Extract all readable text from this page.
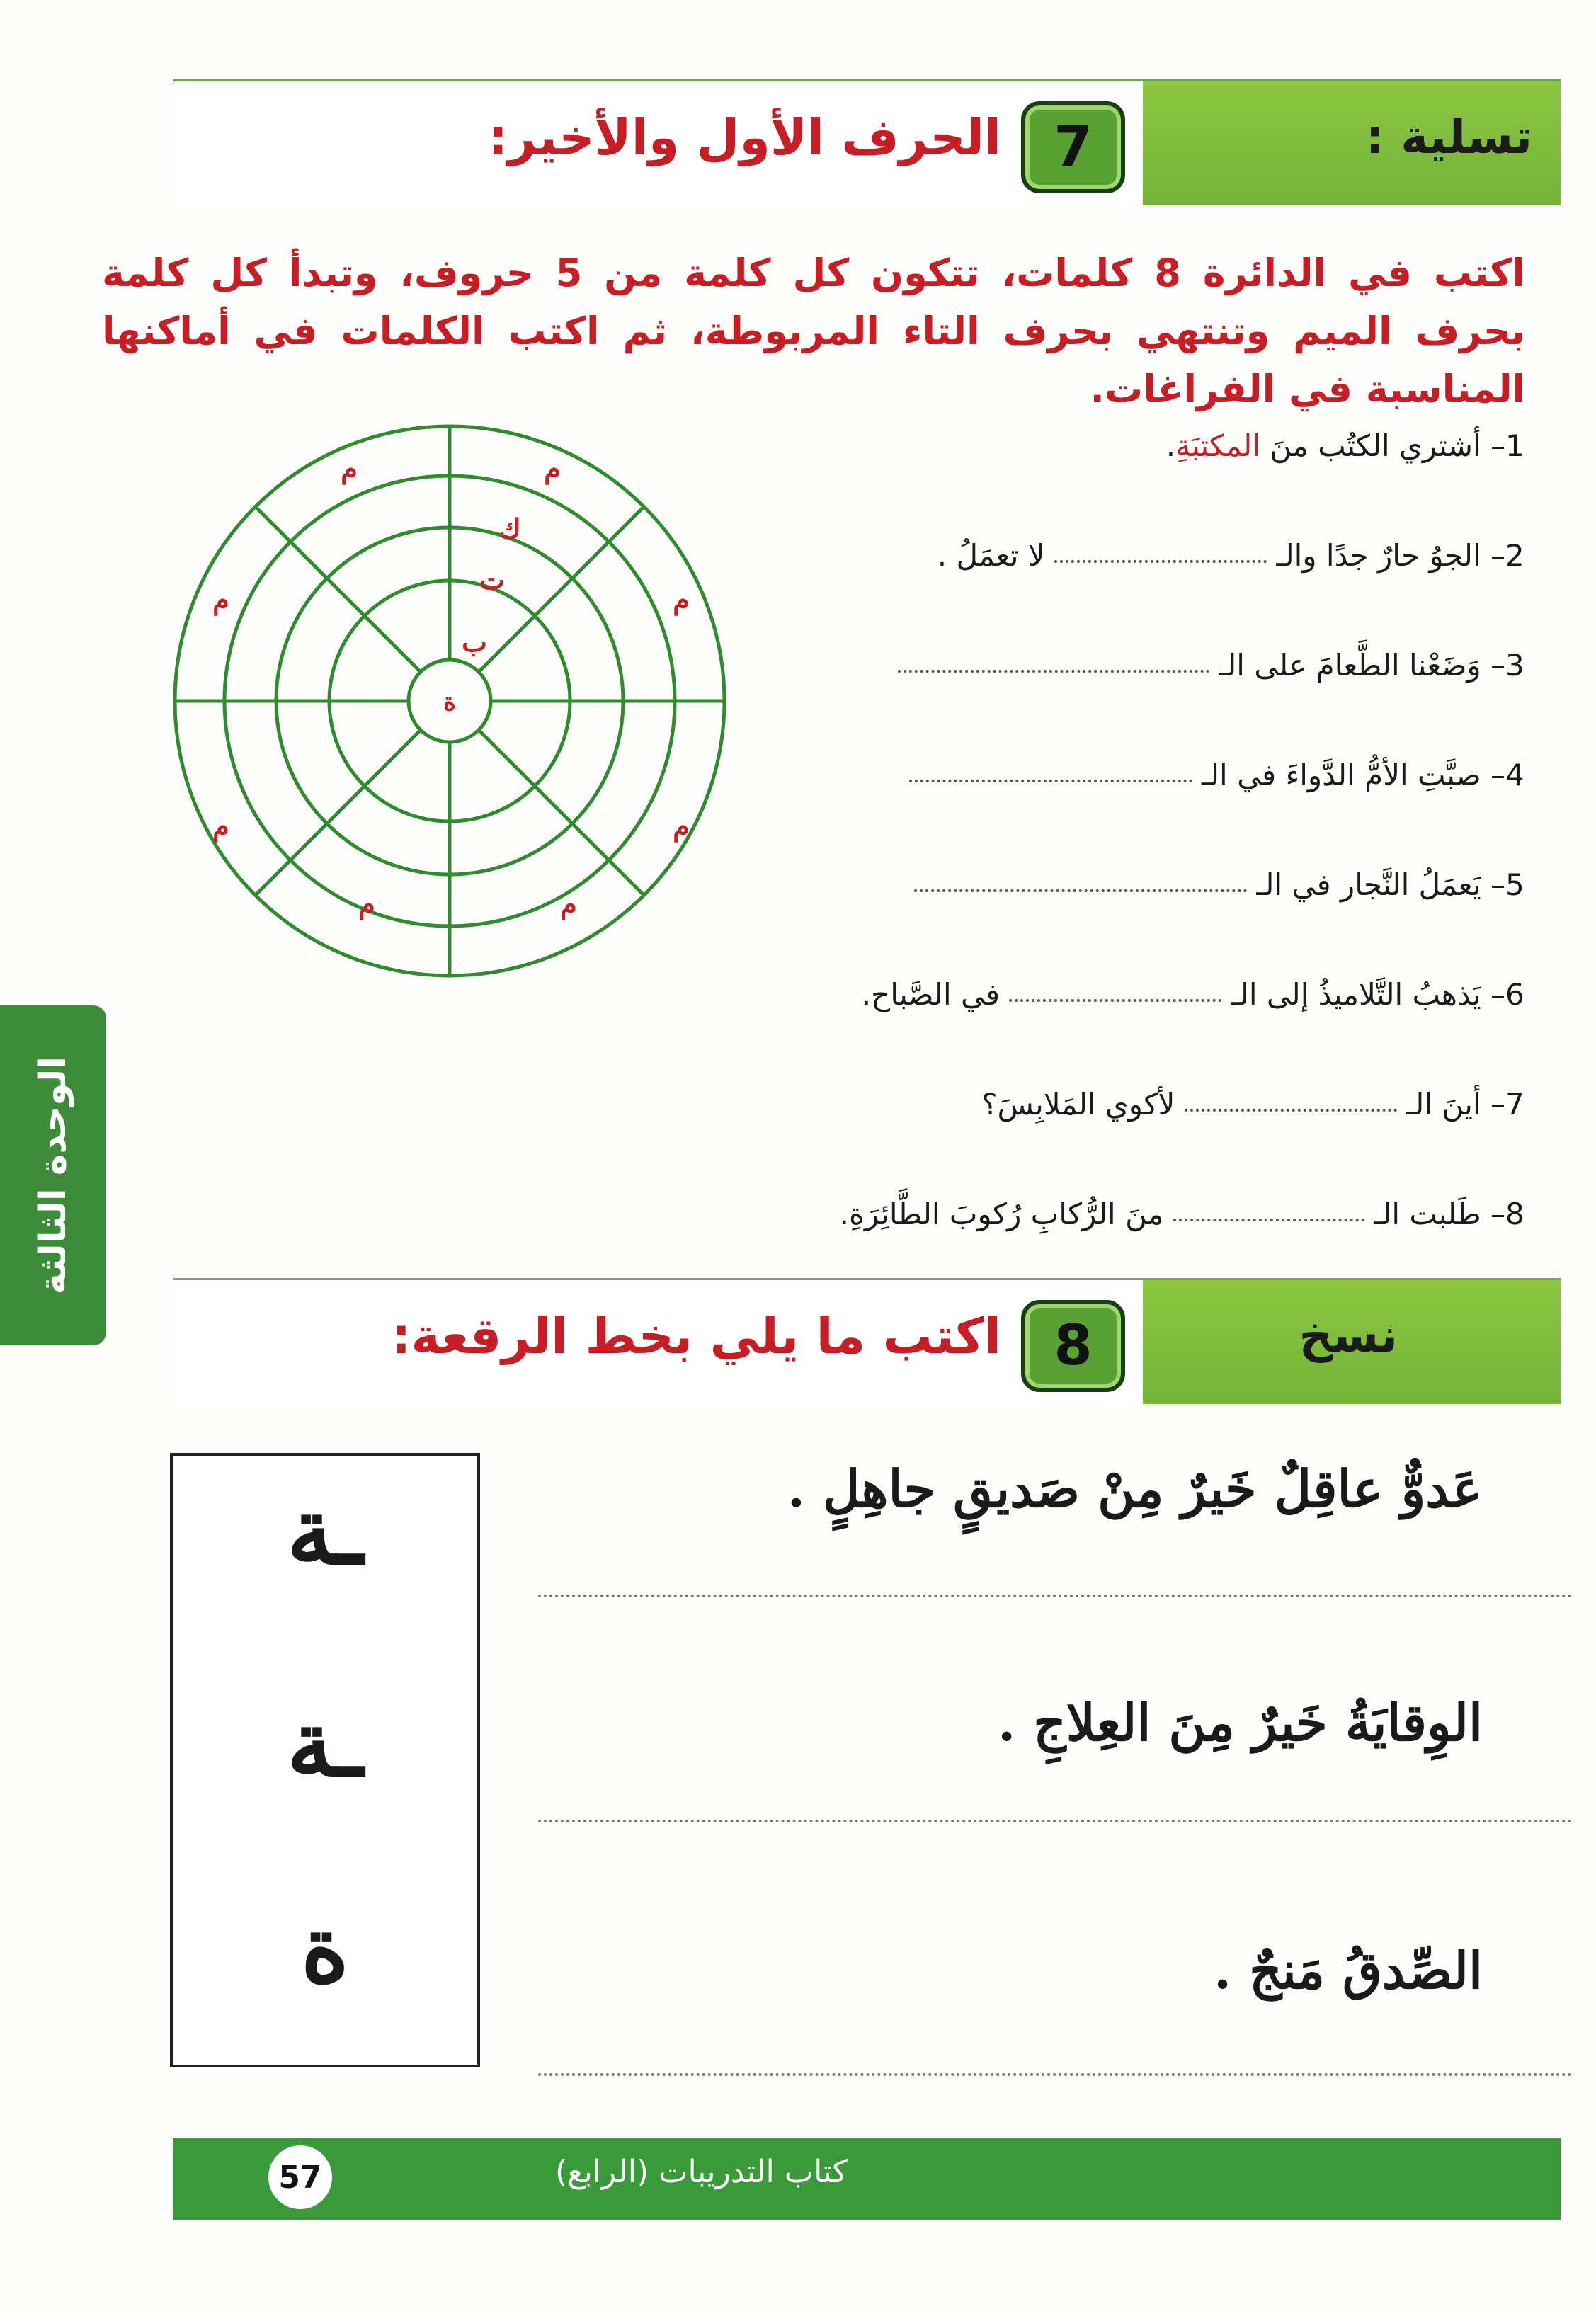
تسلية :
7
الحرف الأول والأخير:
اكتب في الدائرة 8 كلمات، تتكون كل كلمة من 5 حروف، وتبدأ كل كلمة بحرف الميم وتنتهي بحرف التاء المربوطة، ثم اكتب الكلمات في أماكنها المناسبة في الفراغات.
م	م
م	م
م	م
م	م
ك
ت
ب
ة
1– أشتري الكتُب منَ المكتبَةِ.
2– الجوُ حارٌ جدًا والـ  لا تعمَلُ .
3– وَضَعْنا الطَّعامَ على الـ
4– صبَّتِ الأمُّ الدَّواءَ في الـ
5– يَعمَلُ النَّجار في الـ
6– يَذهبُ التَّلاميذُ إلى الـ  في الصَّباح.
7– أينَ الـ  لأكوي المَلابِسَ؟
8– طَلبت الـ  منَ الرُّكابِ رُكوبَ الطَّائِرَةِ.
الوحدة الثالثة
نسخ
8
اكتب ما يلي بخط الرقعة:
ـة
ـة
ة
عَدوٌّ عاقِلٌ خَيرٌ مِنْ صَديقٍ جاهِلٍ .
الوِقايَةُ خَيرٌ مِنَ العِلاجِ .
الصِّدقُ مَنجٌ .
57	كتاب التدريبات (الرابع)
